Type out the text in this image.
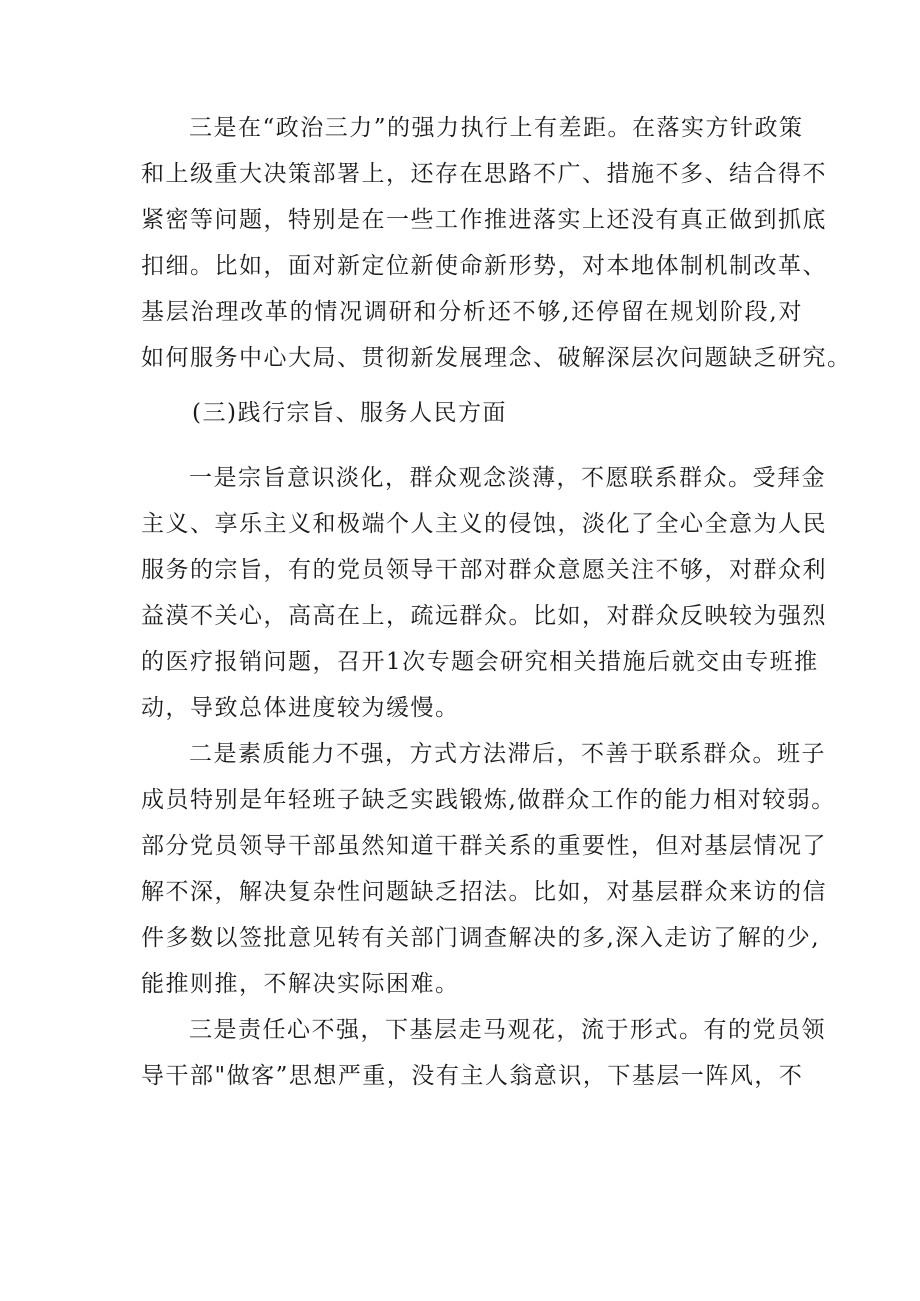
三是在“政治三力”的强力执行上有差距。在落实方针政策
和上级重大决策部署上，还存在思路不广、措施不多、结合得不
紧密等问题，特别是在一些工作推进落实上还没有真正做到抓底
扣细。比如，面对新定位新使命新形势，对本地体制机制改革、
基层治理改革的情况调研和分析还不够,还停留在规划阶段,对
如何服务中心大局、贯彻新发展理念、破解深层次问题缺乏研究。
(三)践行宗旨、服务人民方面
一是宗旨意识淡化，群众观念淡薄，不愿联系群众。受拜金
主义、享乐主义和极端个人主义的侵蚀，淡化了全心全意为人民
服务的宗旨，有的党员领导干部对群众意愿关注不够，对群众利
益漠不关心，高高在上，疏远群众。比如，对群众反映较为强烈
的医疗报销问题，召开1次专题会研究相关措施后就交由专班推
动，导致总体进度较为缓慢。
二是素质能力不强，方式方法滞后，不善于联系群众。班子
成员特别是年轻班子缺乏实践锻炼,做群众工作的能力相对较弱。
部分党员领导干部虽然知道干群关系的重要性，但对基层情况了
解不深，解决复杂性问题缺乏招法。比如，对基层群众来访的信
件多数以签批意见转有关部门调查解决的多,深入走访了解的少,
能推则推，不解决实际困难。
三是责任心不强，下基层走马观花，流于形式。有的党员领
导干部"做客”思想严重，没有主人翁意识，下基层一阵风，不
